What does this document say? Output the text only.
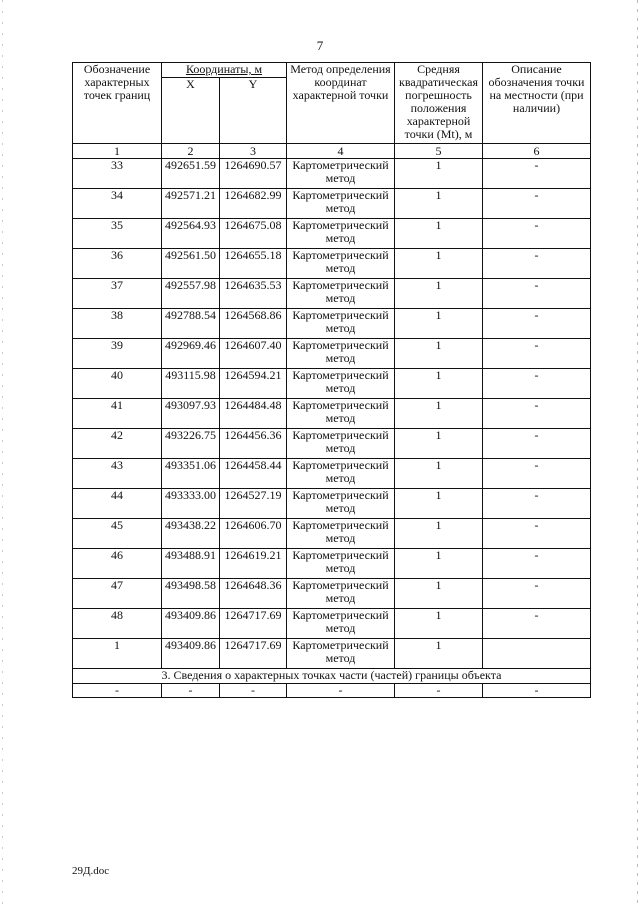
7
Обозначение характерных точек границ	Координаты, м		Метод определения координат характерной точки	Средняя квадратическая погрешность положения характерной точки (Mt), м	Описание обозначения точки на местности (при наличии)
	X	Y			
1	2	3	4	5	6
33	492651.59	1264690.57	Картометрический метод	1	-
34	492571.21	1264682.99	Картометрический метод	1	-
35	492564.93	1264675.08	Картометрический метод	1	-
36	492561.50	1264655.18	Картометрический метод	1	-
37	492557.98	1264635.53	Картометрический метод	1	-
38	492788.54	1264568.86	Картометрический метод	1	-
39	492969.46	1264607.40	Картометрический метод	1	-
40	493115.98	1264594.21	Картометрический метод	1	-
41	493097.93	1264484.48	Картометрический метод	1	-
42	493226.75	1264456.36	Картометрический метод	1	-
43	493351.06	1264458.44	Картометрический метод	1	-
44	493333.00	1264527.19	Картометрический метод	1	-
45	493438.22	1264606.70	Картометрический метод	1	-
46	493488.91	1264619.21	Картометрический метод	1	-
47	493498.58	1264648.36	Картометрический метод	1	-
48	493409.86	1264717.69	Картометрический метод	1	-
1	493409.86	1264717.69	Картометрический метод	1	
3. Сведения о характерных точках части (частей) границы объекта					
-	-	-	-	-	-
29Д.doc
